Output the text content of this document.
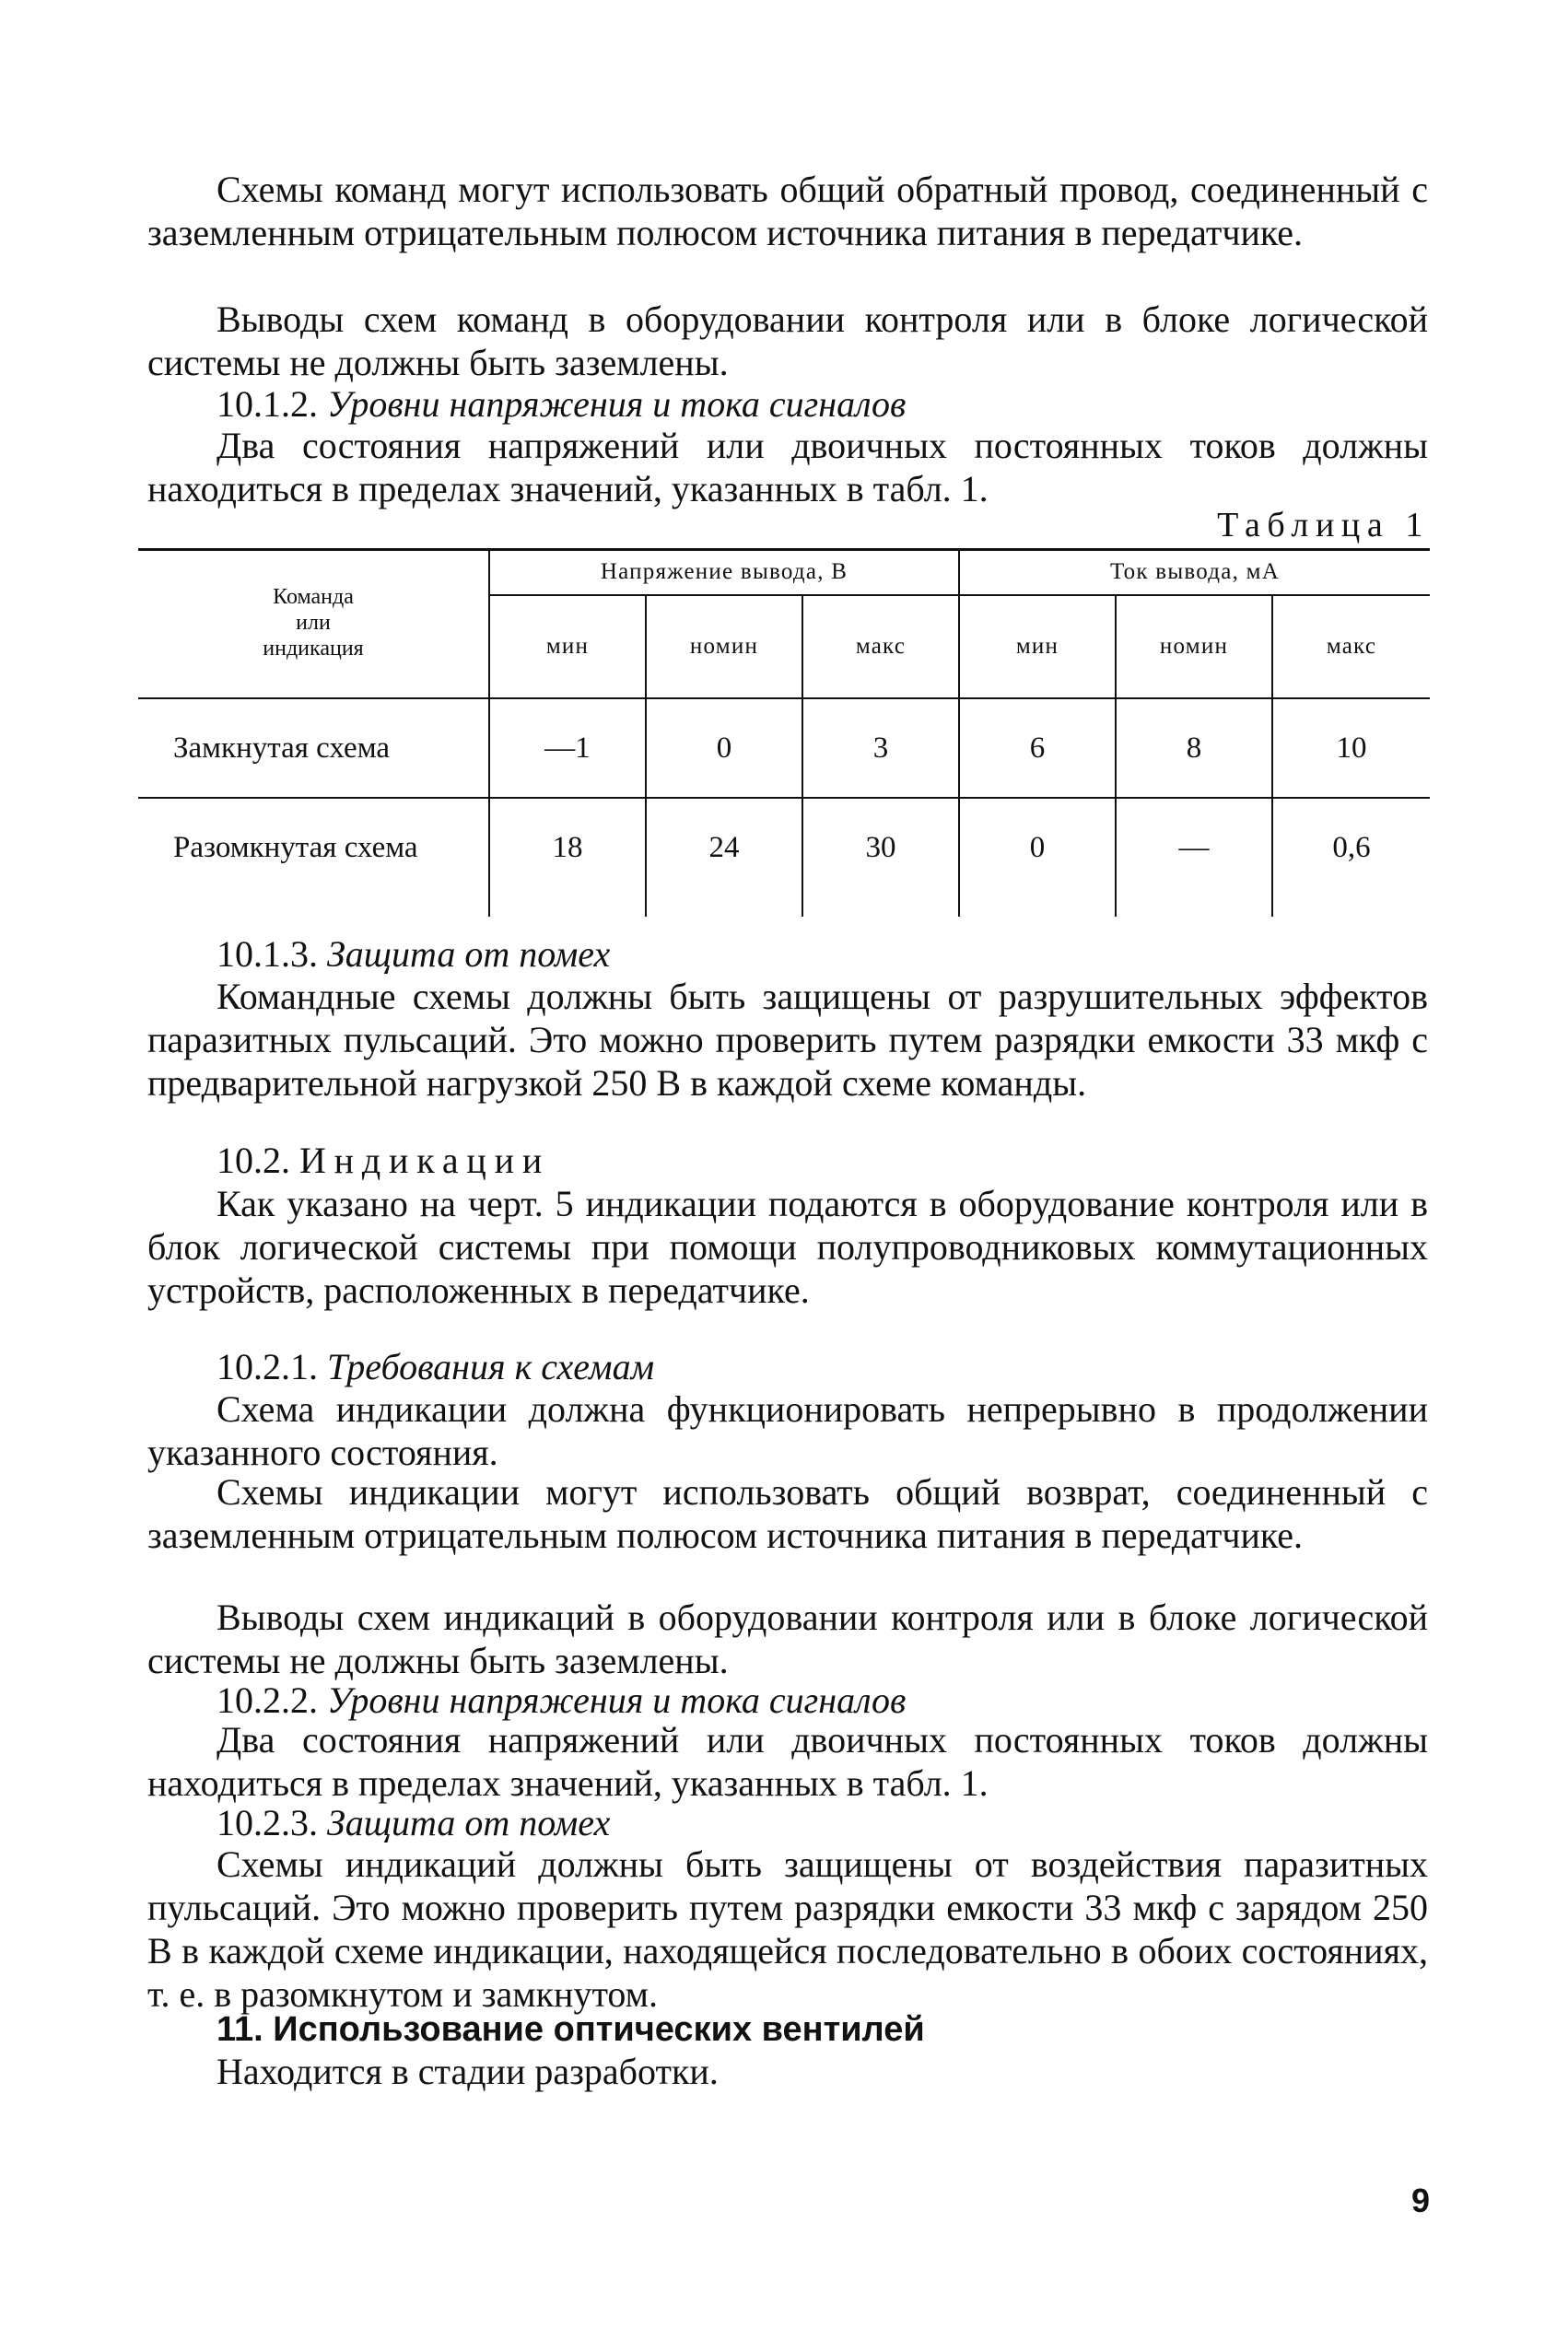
Схемы команд могут использовать общий обратный провод, соединенный с заземленным отрицательным полюсом источника питания в передатчике.

Выводы схем команд в оборудовании контроля или в блоке логической системы не должны быть заземлены.

10.1.2. Уровни напряжения и тока сигналов

Два состояния напряжений или двоичных постоянных токов должны находиться в пределах значений, указанных в табл. 1.

Таблица 1
Команда
или
индикация
Напряжение вывода, В	Ток вывода, мА
мин	номин	макс	мин	номин	макс
Замкнутая схема	—1	0	3	6	8	10
Разомкнутая схема	18	24	30	0	—	0,6

10.1.3. Защита от помех

Командные схемы должны быть защищены от разрушительных эффектов паразитных пульсаций. Это можно проверить путем разрядки емкости 33 мкф с предварительной нагрузкой 250 В в каждой схеме команды.

10.2. Индикации

Как указано на черт. 5 индикации подаются в оборудование контроля или в блок логической системы при помощи полупроводниковых коммутационных устройств, расположенных в передатчике.

10.2.1. Требования к схемам

Схема индикации должна функционировать непрерывно в продолжении указанного состояния.

Схемы индикации могут использовать общий возврат, соединенный с заземленным отрицательным полюсом источника питания в передатчике.

Выводы схем индикаций в оборудовании контроля или в блоке логической системы не должны быть заземлены.

10.2.2. Уровни напряжения и тока сигналов

Два состояния напряжений или двоичных постоянных токов должны находиться в пределах значений, указанных в табл. 1.

10.2.3. Защита от помех

Схемы индикаций должны быть защищены от воздействия паразитных пульсаций. Это можно проверить путем разрядки емкости 33 мкф с зарядом 250 В в каждой схеме индикации, находящейся последовательно в обоих состояниях, т. е. в разомкнутом и замкнутом.

11. Использование оптических вентилей

Находится в стадии разработки.

9
